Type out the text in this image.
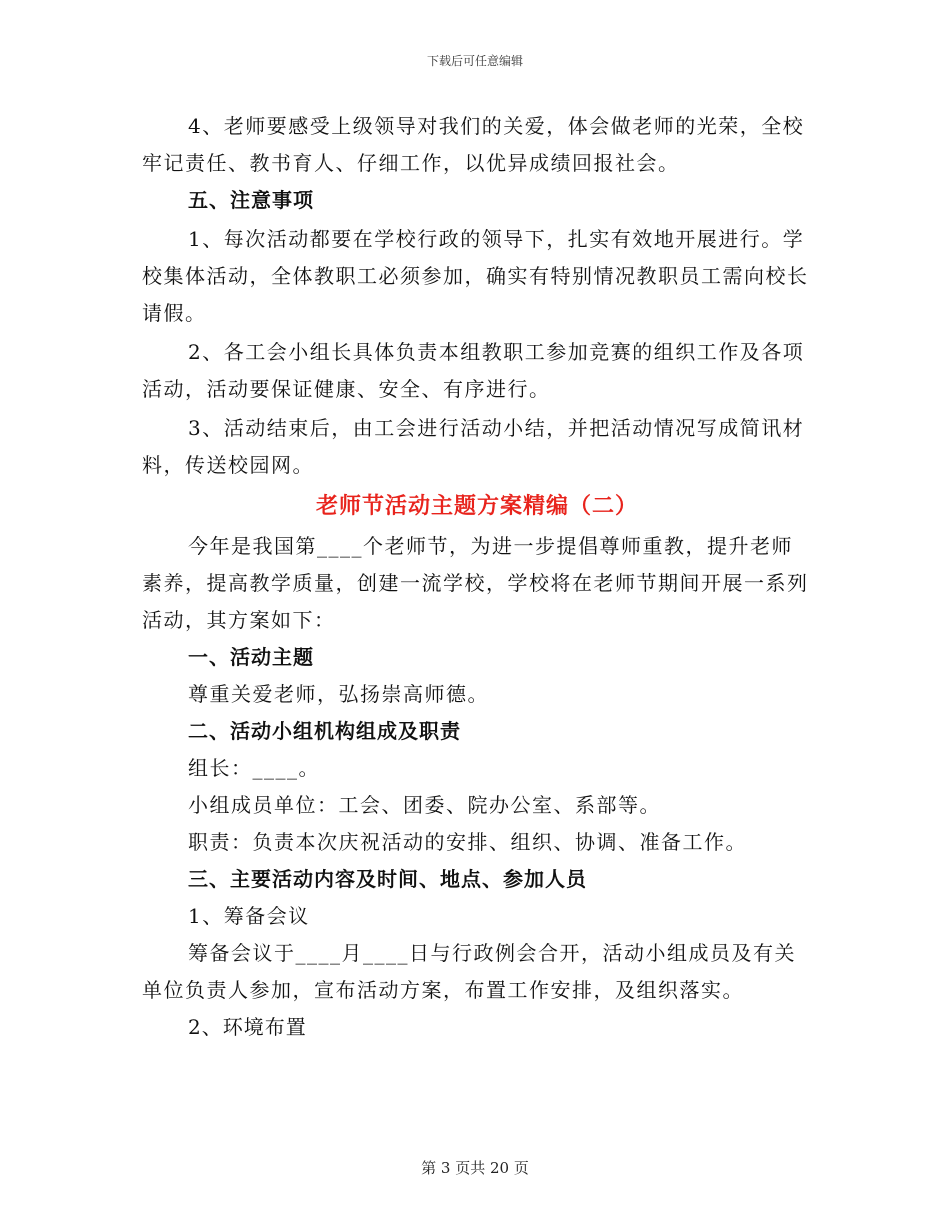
下载后可任意编辑

4、老师要感受上级领导对我们的关爱，体会做老师的光荣，全校牢记责任、教书育人、仔细工作，以优异成绩回报社会。

五、注意事项

1、每次活动都要在学校行政的领导下，扎实有效地开展进行。学校集体活动，全体教职工必须参加，确实有特别情况教职员工需向校长请假。

2、各工会小组长具体负责本组教职工参加竞赛的组织工作及各项活动，活动要保证健康、安全、有序进行。

3、活动结束后，由工会进行活动小结，并把活动情况写成简讯材料，传送校园网。

老师节活动主题方案精编（二）

今年是我国第____个老师节，为进一步提倡尊师重教，提升老师素养，提高教学质量，创建一流学校，学校将在老师节期间开展一系列活动，其方案如下：

一、活动主题

尊重关爱老师，弘扬崇高师德。

二、活动小组机构组成及职责

组长：____。

小组成员单位：工会、团委、院办公室、系部等。

职责：负责本次庆祝活动的安排、组织、协调、准备工作。

三、主要活动内容及时间、地点、参加人员

1、筹备会议

筹备会议于____月____日与行政例会合开，活动小组成员及有关单位负责人参加，宣布活动方案，布置工作安排，及组织落实。

2、环境布置

第 3 页共 20 页
